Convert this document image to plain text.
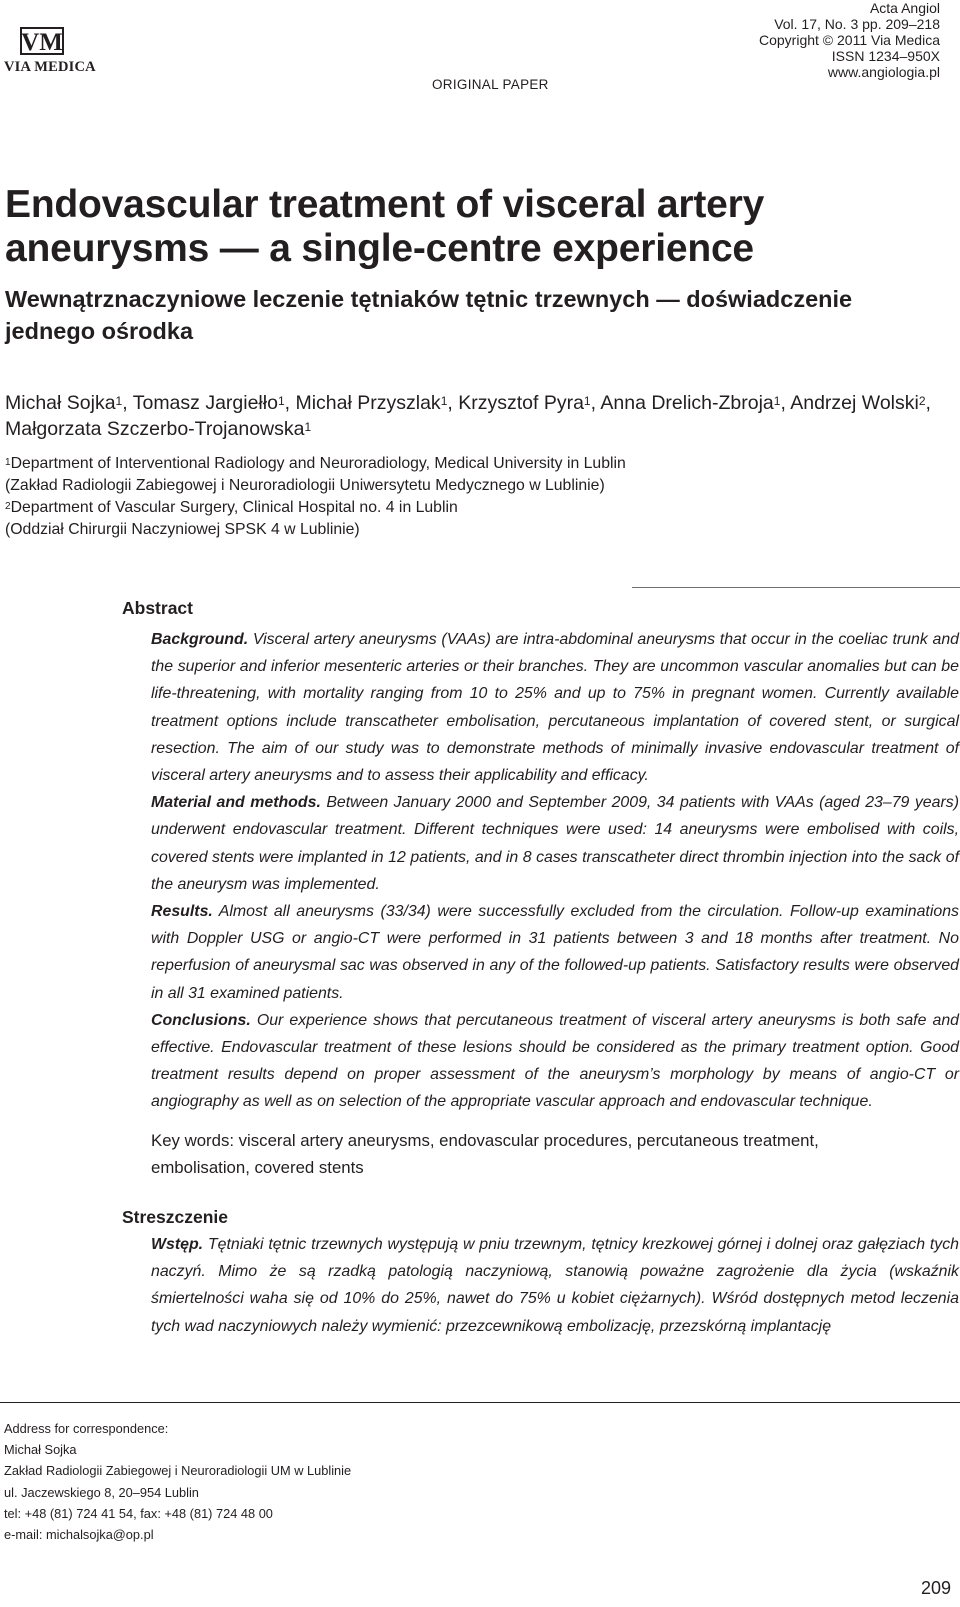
VM
VIA MEDICA
ORIGINAL PAPER
Acta Angiol
Vol. 17, No. 3 pp. 209–218
Copyright © 2011 Via Medica
ISSN 1234–950X
www.angiologia.pl
Endovascular treatment of visceral artery aneurysms — a single-centre experience
Wewnątrznaczyniowe leczenie tętniaków tętnic trzewnych — doświadczenie jednego ośrodka
Michał Sojka$^1$, Tomasz Jargiełło$^1$, Michał Przyszlak$^1$, Krzysztof Pyra$^1$, Anna Drelich-Zbroja$^1$, Andrzej Wolski$^2$, Małgorzata Szczerbo-Trojanowska$^1$
$^1$Department of Interventional Radiology and Neuroradiology, Medical University in Lublin
(Zakład Radiologii Zabiegowej i Neuroradiologii Uniwersytetu Medycznego w Lublinie)
$^2$Department of Vascular Surgery, Clinical Hospital no. 4 in Lublin
(Oddział Chirurgii Naczyniowej SPSK 4 w Lublinie)
Abstract

Background. Visceral artery aneurysms (VAAs) are intra-abdominal aneurysms that occur in the coeliac trunk and the superior and inferior mesenteric arteries or their branches. They are uncommon vascular anomalies but can be life-threatening, with mortality ranging from 10 to 25% and up to 75% in pregnant women. Currently available treatment options include transcatheter embolisation, percutaneous implantation of covered stent, or surgical resection. The aim of our study was to demonstrate methods of minimally invasive endovascular treatment of visceral artery aneurysms and to assess their applicability and efficacy.

Material and methods. Between January 2000 and September 2009, 34 patients with VAAs (aged 23–79 years) underwent endovascular treatment. Different techniques were used: 14 aneurysms were embolised with coils, covered stents were implanted in 12 patients, and in 8 cases transcatheter direct thrombin injection into the sack of the aneurysm was implemented.

Results. Almost all aneurysms (33/34) were successfully excluded from the circulation. Follow-up examinations with Doppler USG or angio-CT were performed in 31 patients between 3 and 18 months after treatment. No reperfusion of aneurysmal sac was observed in any of the followed-up patients. Satisfactory results were observed in all 31 examined patients.

Conclusions. Our experience shows that percutaneous treatment of visceral artery aneurysms is both safe and effective. Endovascular treatment of these lesions should be considered as the primary treatment option. Good treatment results depend on proper assessment of the aneurysm’s morphology by means of angio-CT or angiography as well as on selection of the appropriate vascular approach and endovascular technique.

Key words: visceral artery aneurysms, endovascular procedures, percutaneous treatment, embolisation, covered stents
Streszczenie

Wstęp. Tętniaki tętnic trzewnych występują w pniu trzewnym, tętnicy krezkowej górnej i dolnej oraz gałęziach tych naczyń. Mimo że są rzadką patologią naczyniową, stanowią poważne zagrożenie dla życia (wskaźnik śmiertelności waha się od 10% do 25%, nawet do 75% u kobiet ciężarnych). Wśród dostępnych metod leczenia tych wad naczyniowych należy wymienić: przezcewnikową embolizację, przezskórną implantację

Address for correspondence:
Michał Sojka
Zakład Radiologii Zabiegowej i Neuroradiologii UM w Lublinie
ul. Jaczewskiego 8, 20–954 Lublin
tel: +48 (81) 724 41 54, fax: +48 (81) 724 48 00
e-mail: michalsojka@op.pl
209
